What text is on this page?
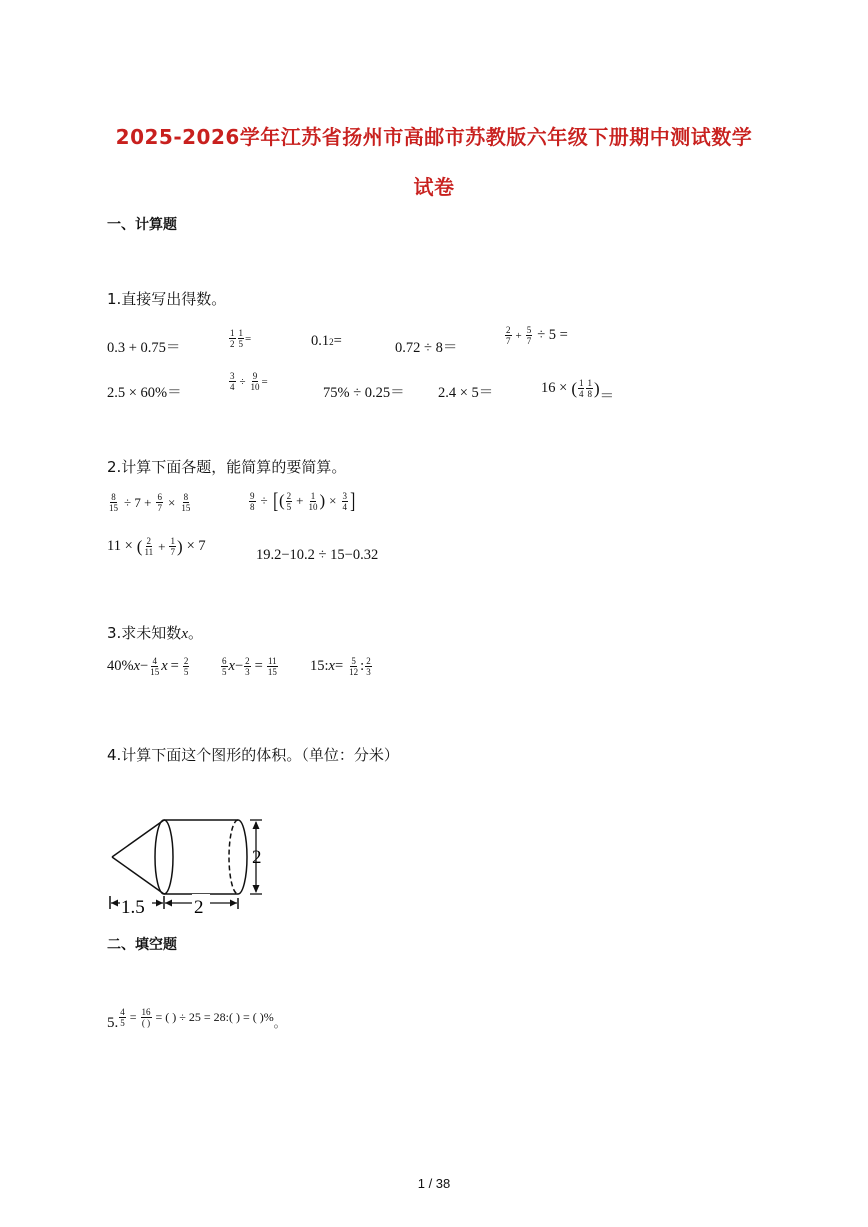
2025-2026学年江苏省扬州市高邮市苏教版六年级下册期中测试数学
试卷
一、计算题
1.直接写出得数。
0.3 + 0.75＝
1
$2 \frac{1}{5}$ =	0.1 2 =	0.72 ÷ 8＝
2
$7 + \frac{5}{7} \div 5$ =
2.5 × 60%＝
$\frac{3}{4} \div \frac{9}{10}$ =
75% ÷ 0.25＝ 2.4 × 5＝	16 × ( 1
4
1
8 ) ＝
2.计算下面各题，能简算的要简算。
8
15 ÷ 7 + 6
7 × 8
15
9
8 ÷ [ ( 2
$5 + \frac{1}{10}$ ) × 3
4 ]
11 × ( 2
$11 + \frac{1}{7}$ ) × 7
19.2−10.2 ÷ 15−0.32
3.求未知数x。
40% $x - \frac{4}{15}$ $x = \frac{2}{5}$	6
5 $x - \frac{2}{3} = \frac{11}{15} 15$: x = 5
12 : 2
3
4.计算下面这个图形的体积。（单位：分米）
2
1.5	2
二、填空题
5. $\frac{4}{5} = 16$
( ) = ( ) ÷ 25 = 28:( ) = ( )% 。
1 / 38
